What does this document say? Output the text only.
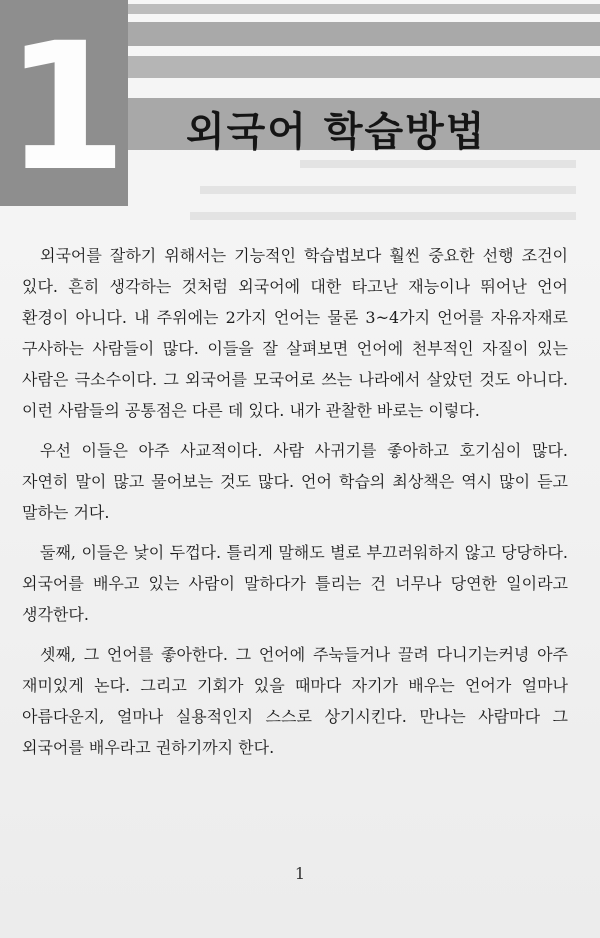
1 외국어 학습방법

외국어를 잘하기 위해서는 기능적인 학습법보다 훨씬 중요한 선행 조건이 있다. 흔히 생각하는 것처럼 외국어에 대한 타고난 재능이나 뛰어난 언어 환경이 아니다. 내 주위에는 2가지 언어는 물론 3~4가지 언어를 자유자재로 구사하는 사람들이 많다. 이들을 잘 살펴보면 언어에 천부적인 자질이 있는 사람은 극소수이다. 그 외국어를 모국어로 쓰는 나라에서 살았던 것도 아니다. 이런 사람들의 공통점은 다른 데 있다. 내가 관찰한 바로는 이렇다.

우선 이들은 아주 사교적이다. 사람 사귀기를 좋아하고 호기심이 많다. 자연히 말이 많고 물어보는 것도 많다. 언어 학습의 최상책은 역시 많이 듣고 말하는 거다.

둘째, 이들은 낯이 두껍다. 틀리게 말해도 별로 부끄러워하지 않고 당당하다. 외국어를 배우고 있는 사람이 말하다가 틀리는 건 너무나 당연한 일이라고 생각한다.

셋째, 그 언어를 좋아한다. 그 언어에 주눅들거나 끌려 다니기는커녕 아주 재미있게 논다. 그리고 기회가 있을 때마다 자기가 배우는 언어가 얼마나 아름다운지, 얼마나 실용적인지 스스로 상기시킨다. 만나는 사람마다 그 외국어를 배우라고 권하기까지 한다.

1
